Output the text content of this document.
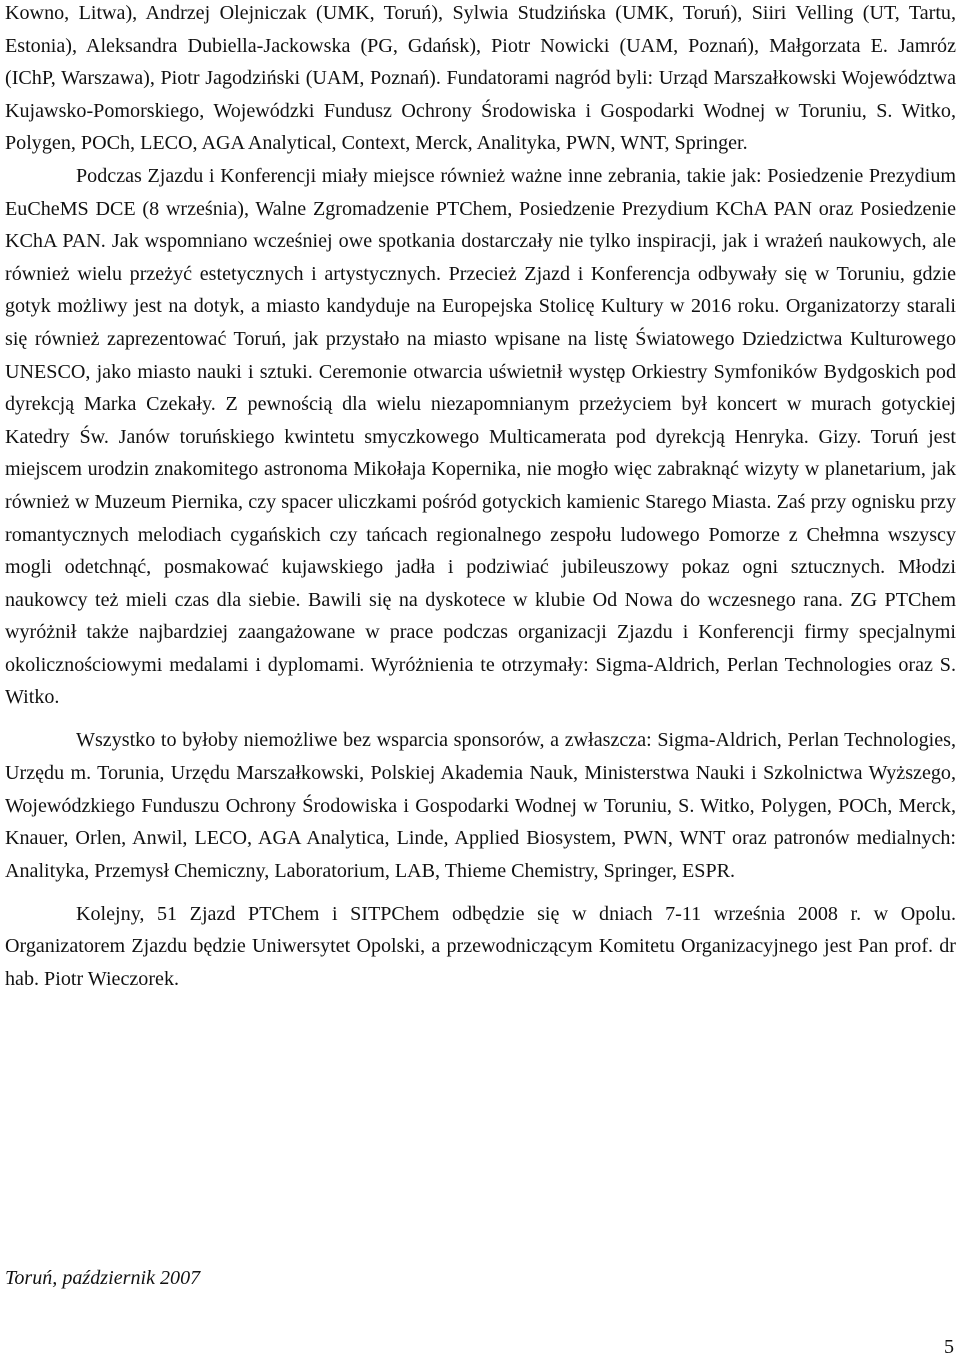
Kowno, Litwa), Andrzej Olejniczak (UMK, Toruń), Sylwia Studzińska (UMK, Toruń), Siiri Velling (UT, Tartu, Estonia), Aleksandra Dubiella-Jackowska (PG, Gdańsk), Piotr Nowicki (UAM, Poznań), Małgorzata E. Jamróz (IChP, Warszawa), Piotr Jagodziński (UAM, Poznań). Fundatorami nagród byli: Urząd Marszałkowski Województwa Kujawsko-Pomorskiego, Wojewódzki Fundusz Ochrony Środowiska i Gospodarki Wodnej w Toruniu, S. Witko, Polygen, POCh, LECO, AGA Analytical, Context, Merck, Analityka, PWN, WNT, Springer.

Podczas Zjazdu i Konferencji miały miejsce również ważne inne zebrania, takie jak: Posiedzenie Prezydium EuCheMS DCE (8 września), Walne Zgromadzenie PTChem, Posiedzenie Prezydium KChA PAN oraz Posiedzenie KChA PAN. Jak wspomniano wcześniej owe spotkania dostarczały nie tylko inspiracji, jak i wrażeń naukowych, ale również wielu przeżyć estetycznych i artystycznych. Przecież Zjazd i Konferencja odbywały się w Toruniu, gdzie gotyk możliwy jest na dotyk, a miasto kandyduje na Europejska Stolicę Kultury w 2016 roku. Organizatorzy starali się również zaprezentować Toruń, jak przystało na miasto wpisane na listę Światowego Dziedzictwa Kulturowego UNESCO, jako miasto nauki i sztuki. Ceremonie otwarcia uświetnił występ Orkiestry Symfoników Bydgoskich pod dyrekcją Marka Czekały. Z pewnością dla wielu niezapomnianym przeżyciem był koncert w murach gotyckiej Katedry Św. Janów toruńskiego kwintetu smyczkowego Multicamerata pod dyrekcją Henryka. Gizy. Toruń jest miejscem urodzin znakomitego astronoma Mikołaja Kopernika, nie mogło więc zabraknąć wizyty w planetarium, jak również w Muzeum Piernika, czy spacer uliczkami pośród gotyckich kamienic Starego Miasta. Zaś przy ognisku przy romantycznych melodiach cygańskich czy tańcach regionalnego zespołu ludowego Pomorze z Chełmna wszyscy mogli odetchnąć, posmakować kujawskiego jadła i podziwiać jubileuszowy pokaz ogni sztucznych. Młodzi naukowcy też mieli czas dla siebie. Bawili się na dyskotece w klubie Od Nowa do wczesnego rana. ZG PTChem wyróżnił także najbardziej zaangażowane w prace podczas organizacji Zjazdu i Konferencji firmy specjalnymi okolicznościowymi medalami i dyplomami. Wyróżnienia te otrzymały: Sigma-Aldrich, Perlan Technologies oraz S. Witko.

Wszystko to byłoby niemożliwe bez wsparcia sponsorów, a zwłaszcza: Sigma-Aldrich, Perlan Technologies, Urzędu m. Torunia, Urzędu Marszałkowski, Polskiej Akademia Nauk, Ministerstwa Nauki i Szkolnictwa Wyższego, Wojewódzkiego Funduszu Ochrony Środowiska i Gospodarki Wodnej w Toruniu, S. Witko, Polygen, POCh, Merck, Knauer, Orlen, Anwil, LECO, AGA Analytica, Linde, Applied Biosystem, PWN, WNT oraz patronów medialnych: Analityka, Przemysł Chemiczny, Laboratorium, LAB, Thieme Chemistry, Springer, ESPR.

Kolejny, 51 Zjazd PTChem i SITPChem odbędzie się w dniach 7-11 września 2008 r. w Opolu. Organizatorem Zjazdu będzie Uniwersytet Opolski, a przewodniczącym Komitetu Organizacyjnego jest Pan prof. dr hab. Piotr Wieczorek.

Toruń, październik 2007

5
